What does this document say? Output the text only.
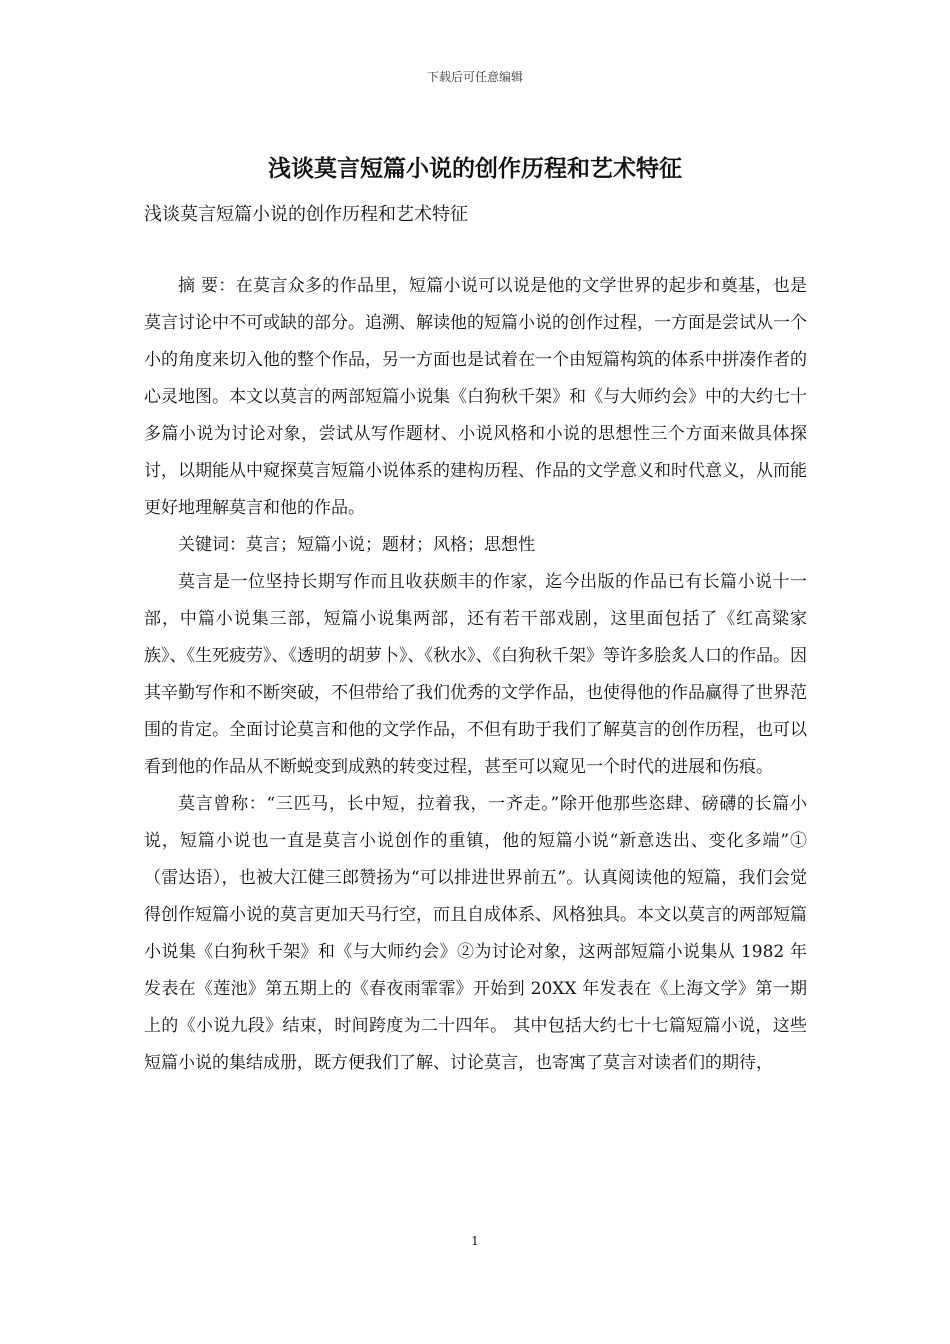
下载后可任意编辑
浅谈莫言短篇小说的创作历程和艺术特征
浅谈莫言短篇小说的创作历程和艺术特征

摘 要：在莫言众多的作品里，短篇小说可以说是他的文学世界的起步和奠基，也是莫言讨论中不可或缺的部分。追溯、解读他的短篇小说的创作过程，一方面是尝试从一个小的角度来切入他的整个作品，另一方面也是试着在一个由短篇构筑的体系中拼凑作者的心灵地图。本文以莫言的两部短篇小说集《白狗秋千架》和《与大师约会》中的大约七十多篇小说为讨论对象，尝试从写作题材、小说风格和小说的思想性三个方面来做具体探讨，以期能从中窥探莫言短篇小说体系的建构历程、作品的文学意义和时代意义，从而能更好地理解莫言和他的作品。

关键词：莫言；短篇小说；题材；风格；思想性

莫言是一位坚持长期写作而且收获颇丰的作家，迄今出版的作品已有长篇小说十一部，中篇小说集三部，短篇小说集两部，还有若干部戏剧，这里面包括了《红高粱家族》、《生死疲劳》、《透明的胡萝卜》、《秋水》、《白狗秋千架》等许多脍炙人口的作品。因其辛勤写作和不断突破，不但带给了我们优秀的文学作品，也使得他的作品赢得了世界范围的肯定。全面讨论莫言和他的文学作品，不但有助于我们了解莫言的创作历程，也可以看到他的作品从不断蜕变到成熟的转变过程，甚至可以窥见一个时代的进展和伤痕。

莫言曾称：“三匹马，长中短，拉着我，一齐走。”除开他那些恣肆、磅礴的长篇小说，短篇小说也一直是莫言小说创作的重镇，他的短篇小说“新意迭出、变化多端”①（雷达语），也被大江健三郎赞扬为“可以排进世界前五”。认真阅读他的短篇，我们会觉得创作短篇小说的莫言更加天马行空，而且自成体系、风格独具。本文以莫言的两部短篇小说集《白狗秋千架》和《与大师约会》②为讨论对象，这两部短篇小说集从 1982 年发表在《莲池》第五期上的《春夜雨霏霏》开始到 20XX 年发表在《上海文学》第一期上的《小说九段》结束，时间跨度为二十四年。 其中包括大约七十七篇短篇小说，这些短篇小说的集结成册，既方便我们了解、讨论莫言，也寄寓了莫言对读者们的期待，

1
